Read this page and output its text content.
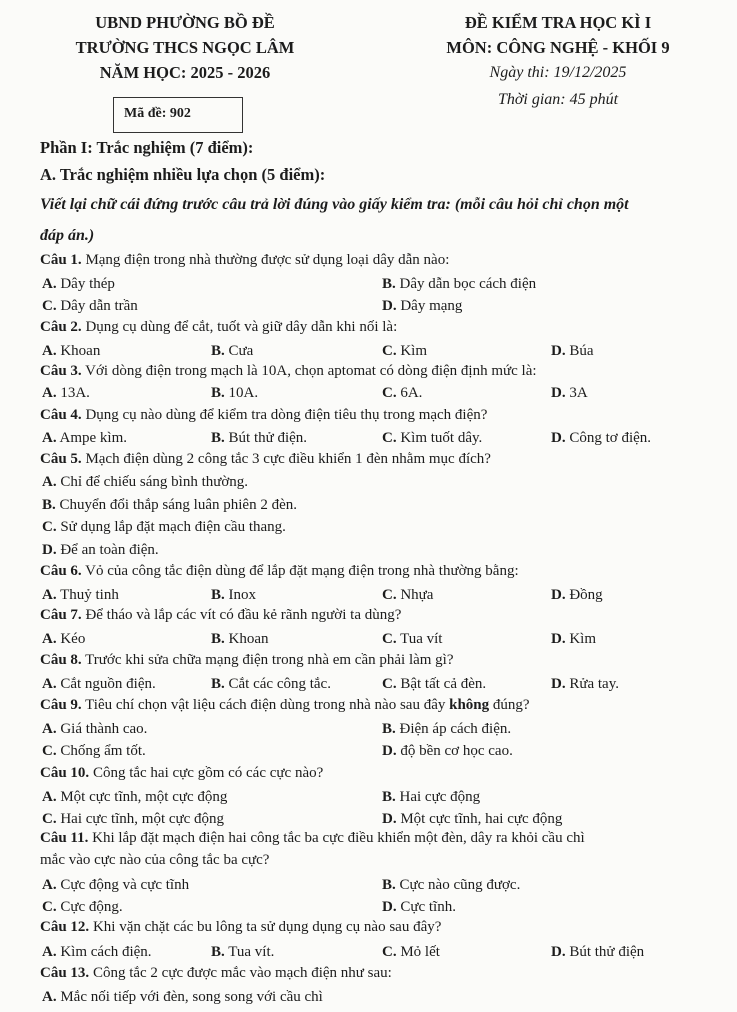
UBND PHƯỜNG BỒ ĐỀ
TRƯỜNG THCS NGỌC LÂM
NĂM HỌC: 2025 - 2026
ĐỀ KIỂM TRA HỌC KÌ I
MÔN: CÔNG NGHỆ - KHỐI 9
Ngày thi: 19/12/2025
Thời gian: 45 phút
Mã đề: 902
Phần I: Trắc nghiệm (7 điểm):
A. Trắc nghiệm nhiều lựa chọn (5 điểm):
Viết lại chữ cái đứng trước câu trả lời đúng vào giấy kiểm tra: (mỗi câu hỏi chỉ chọn một
đáp án.)
Câu 1. Mạng điện trong nhà thường được sử dụng loại dây dẫn nào:
A. Dây thép	B. Dây dẫn bọc cách điện
C. Dây dẫn trần	D. Dây mạng
Câu 2. Dụng cụ dùng để cắt, tuốt và giữ dây dẫn khi nối là:
A. Khoan	B. Cưa	C. Kìm	D. Búa
Câu 3. Với dòng điện trong mạch là 10A, chọn aptomat có dòng điện định mức là:
A. 13A.	B. 10A.	C. 6A.	D. 3A
Câu 4. Dụng cụ nào dùng để kiểm tra dòng điện tiêu thụ trong mạch điện?
A. Ampe kìm.	B. Bút thử điện.	C. Kìm tuốt dây.	D. Công tơ điện.
Câu 5. Mạch điện dùng 2 công tắc 3 cực điều khiển 1 đèn nhằm mục đích?
A. Chỉ để chiếu sáng bình thường.
B. Chuyển đổi thắp sáng luân phiên 2 đèn.
C. Sử dụng lắp đặt mạch điện cầu thang.
D. Để an toàn điện.
Câu 6. Vỏ của công tắc điện dùng để lắp đặt mạng điện trong nhà thường bằng:
A. Thuỷ tinh	B. Inox	C. Nhựa	D. Đồng
Câu 7. Để tháo và lắp các vít có đầu kẻ rãnh người ta dùng?
A. Kéo	B. Khoan	C. Tua vít	D. Kìm
Câu 8. Trước khi sửa chữa mạng điện trong nhà em cần phải làm gì?
A. Cắt nguồn điện.	B. Cắt các công tắc.	C. Bật tất cả đèn.	D. Rửa tay.
Câu 9. Tiêu chí chọn vật liệu cách điện dùng trong nhà nào sau đây không đúng?
A. Giá thành cao.	B. Điện áp cách điện.
C. Chống ẩm tốt.	D. độ bền cơ học cao.
Câu 10. Công tắc hai cực gồm có các cực nào?
A. Một cực tĩnh, một cực động	B. Hai cực động
C. Hai cực tĩnh, một cực động	D. Một cực tĩnh, hai cực động
Câu 11. Khi lắp đặt mạch điện hai công tắc ba cực điều khiển một đèn, dây ra khỏi cầu chì
mắc vào cực nào của công tắc ba cực?
A. Cực động và cực tĩnh	B. Cực nào cũng được.
C. Cực động.	D. Cực tĩnh.
Câu 12. Khi vặn chặt các bu lông ta sử dụng dụng cụ nào sau đây?
A. Kìm cách điện.	B. Tua vít.	C. Mỏ lết	D. Bút thử điện
Câu 13. Công tắc 2 cực được mắc vào mạch điện như sau:
A. Mắc nối tiếp với đèn, song song với cầu chì
